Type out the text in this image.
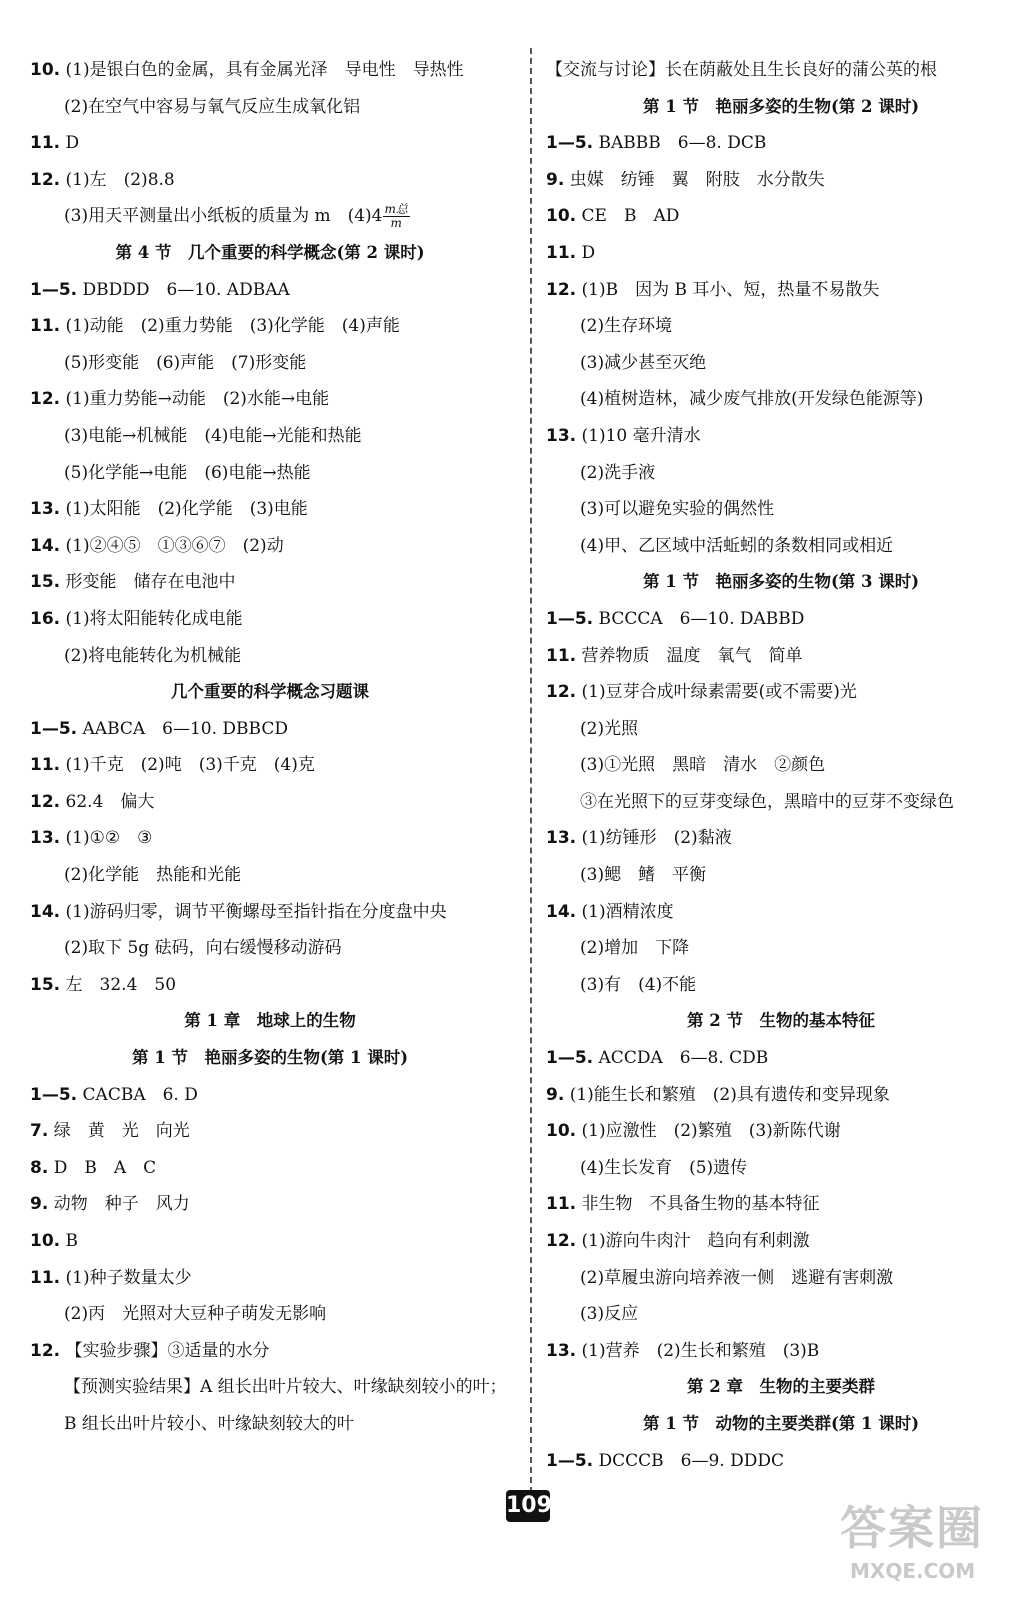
10. (1)是银白色的金属，具有金属光泽　导电性　导热性
(2)在空气中容易与氧气反应生成氧化铝
11. D
12. (1)左　(2)8.8
(3)用天平测量出小纸板的质量为 m　$(4)4 \frac{\text{m总}}{m}$
第 4 节　几个重要的科学概念(第 2 课时)
1—5. DBDDD　6—10. ADBAA
11. (1)动能　(2)重力势能　(3)化学能　(4)声能
(5)形变能　(6)声能　(7)形变能
12. (1)重力势能→动能　(2)水能→电能
(3)电能→机械能　(4)电能→光能和热能
(5)化学能→电能　(6)电能→热能
13. (1)太阳能　(2)化学能　(3)电能
14. (1)②④⑤　①③⑥⑦　(2)动
15. 形变能　储存在电池中
16. (1)将太阳能转化成电能
(2)将电能转化为机械能
几个重要的科学概念习题课
1—5. AABCA　6—10. DBBCD
11. (1)千克　(2)吨　(3)千克　(4)克
12. 62.4　偏大
13. (1)①②　③
(2)化学能　热能和光能
14. (1)游码归零，调节平衡螺母至指针指在分度盘中央
(2)取下 5g 砝码，向右缓慢移动游码
15. 左　32.4　50
第 1 章　地球上的生物
第 1 节　艳丽多姿的生物(第 1 课时)
1—5. CACBA　6. D
7. 绿　黄　光　向光
8. D　B　A　C
9. 动物　种子　风力
10. B
11. (1)种子数量太少
(2)丙　光照对大豆种子萌发无影响
12. 【实验步骤】③适量的水分
【预测实验结果】A 组长出叶片较大、叶缘缺刻较小的叶；
B 组长出叶片较小、叶缘缺刻较大的叶
【交流与讨论】长在荫蔽处且生长良好的蒲公英的根
第 1 节　艳丽多姿的生物(第 2 课时)
1—5. BABBB　6—8. DCB
9. 虫媒　纺锤　翼　附肢　水分散失
10. CE　B　AD
11. D
12. (1)B　因为 B 耳小、短，热量不易散失
(2)生存环境
(3)减少甚至灭绝
(4)植树造林，减少废气排放(开发绿色能源等)
13. (1)10 毫升清水
(2)洗手液
(3)可以避免实验的偶然性
(4)甲、乙区域中活蚯蚓的条数相同或相近
第 1 节　艳丽多姿的生物(第 3 课时)
1—5. BCCCA　6—10. DABBD
11. 营养物质　温度　氧气　简单
12. (1)豆芽合成叶绿素需要(或不需要)光
(2)光照
(3)①光照　黑暗　清水　②颜色
③在光照下的豆芽变绿色，黑暗中的豆芽不变绿色
13. (1)纺锤形　(2)黏液
(3)鳃　鳍　平衡
14. (1)酒精浓度
(2)增加　下降
(3)有　(4)不能
第 2 节　生物的基本特征
1—5. ACCDA　6—8. CDB
9. (1)能生长和繁殖　(2)具有遗传和变异现象
10. (1)应激性　(2)繁殖　(3)新陈代谢
(4)生长发育　(5)遗传
11. 非生物　不具备生物的基本特征
12. (1)游向牛肉汁　趋向有利刺激
(2)草履虫游向培养液一侧　逃避有害刺激
(3)反应
13. (1)营养　(2)生长和繁殖　(3)B
第 2 章　生物的主要类群
第 1 节　动物的主要类群(第 1 课时)
1—5. DCCCB　6—9. DDDC
109	答案圈
MXQE.COM
